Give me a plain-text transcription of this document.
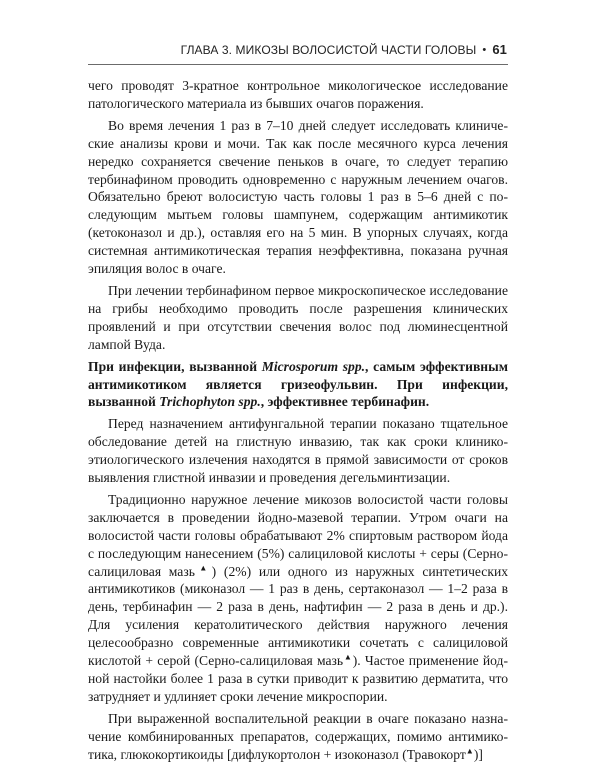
ГЛАВА 3. МИКОЗЫ ВОЛОСИСТОЙ ЧАСТИ ГОЛОВЫ • 61

чего проводят 3-кратное контрольное микологическое исследование патологического материала из бывших очагов поражения.

Во время лечения 1 раз в 7–10 дней следует исследовать клинические анализы крови и мочи. Так как после месячного курса лечения нередко сохраняется свечение пеньков в очаге, то следует терапию тербинафином проводить одновременно с наружным лечением очагов. Обязательно бреют волосистую часть головы 1 раз в 5–6 дней с последующим мытьем головы шампунем, содержащим антимикотик (кетоконазол и др.), оставляя его на 5 мин. В упорных случаях, когда системная антимикотическая терапия неэффективна, показана ручная эпиляция волос в очаге.

При лечении тербинафином первое микроскопическое исследование на грибы необходимо проводить после разрешения клинических проявлений и при отсутствии свечения волос под люминесцентной лампой Вуда.

При инфекции, вызванной Microsporum spp., самым эффективным антимикотиком является гризеофульвин. При инфекции, вызванной Trichophyton spp., эффективнее тербинафин.

Перед назначением антифунгальной терапии показано тщательное обследование детей на глистную инвазию, так как сроки клинико-этиологического излечения находятся в прямой зависимости от сроков выявления глистной инвазии и проведения дегельминтизации.

Традиционно наружное лечение микозов волосистой части головы заключается в проведении йодно-мазевой терапии. Утром очаги на волосистой части головы обрабатывают 2% спиртовым раствором йода с последующим нанесением (5%) салициловой кислоты + серы (Серно-салициловая мазь▲) (2%) или одного из наружных синтетических антимикотиков (миконазол — 1 раз в день, сертаконазол — 1–2 раза в день, тербинафин — 2 раза в день, нафтифин — 2 раза в день и др.). Для усиления кератолитического действия наружного лечения целесообразно современные антимикотики сочетать с салициловой кислотой + серой (Серно-салициловая мазь▲). Частое применение йодной настойки более 1 раза в сутки приводит к развитию дерматита, что затрудняет и удлиняет сроки лечение микроспории.

При выраженной воспалительной реакции в очаге показано назначение комбинированных препаратов, содержащих, помимо антимикотика, глюкокортикоиды [дифлукортолон + изоконазол (Травокорт▲)]
